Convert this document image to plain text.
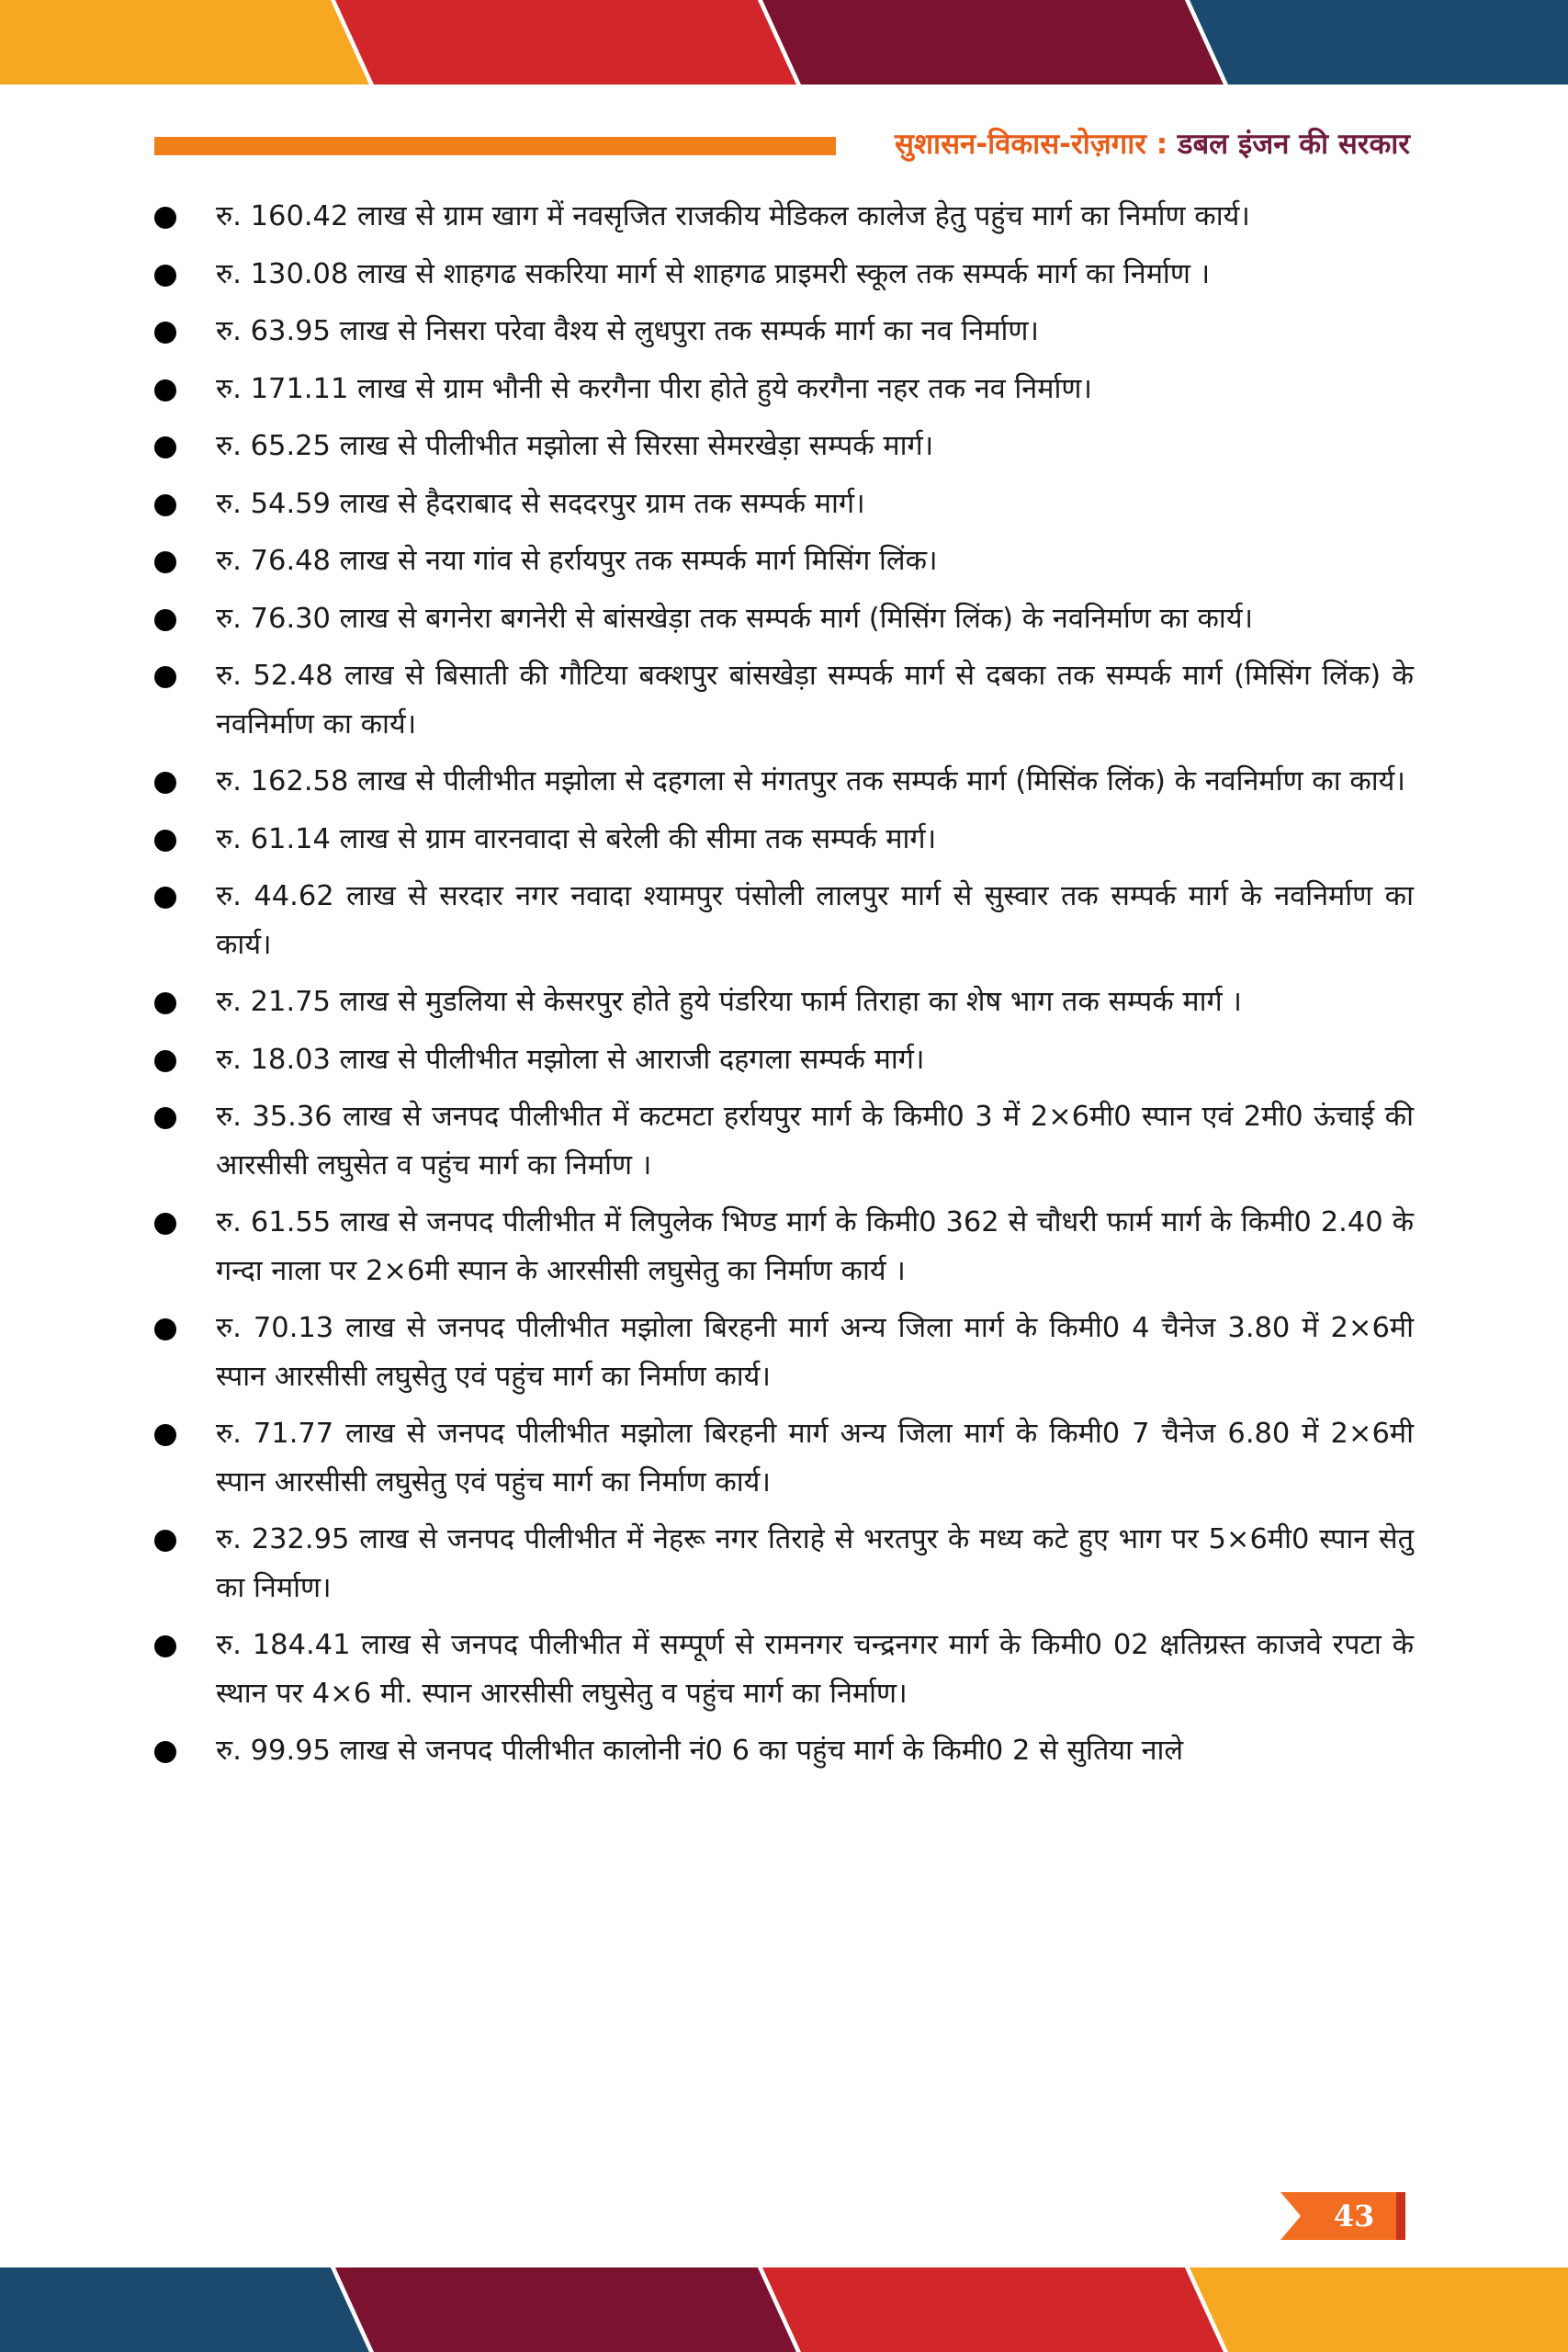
सुशासन-विकास-रोज़गार : डबल इंजन की सरकार
रु. 160.42 लाख से ग्राम खाग में नवसृजित राजकीय मेडिकल कालेज हेतु पहुंच मार्ग का निर्माण कार्य।
रु. 130.08 लाख से शाहगढ सकरिया मार्ग से शाहगढ प्राइमरी स्कूल तक सम्पर्क मार्ग का निर्माण ।
रु. 63.95 लाख से निसरा परेवा वैश्य से लुधपुरा तक सम्पर्क मार्ग का नव निर्माण।
रु. 171.11 लाख से ग्राम भौनी से करगैना पीरा होते हुये करगैना नहर तक नव निर्माण।
रु. 65.25 लाख से पीलीभीत मझोला से सिरसा सेमरखेड़ा सम्पर्क मार्ग।
रु. 54.59 लाख से हैदराबाद से सददरपुर ग्राम तक सम्पर्क मार्ग।
रु. 76.48 लाख से नया गांव से हर्रायपुर तक सम्पर्क मार्ग मिसिंग लिंक।
रु. 76.30 लाख से बगनेरा बगनेरी से बांसखेड़ा तक सम्पर्क मार्ग (मिसिंग लिंक) के नवनिर्माण का कार्य।
रु. 52.48 लाख से बिसाती की गौटिया बक्शपुर बांसखेड़ा सम्पर्क मार्ग से दबका तक सम्पर्क मार्ग (मिसिंग लिंक) के नवनिर्माण का कार्य।
रु. 162.58 लाख से पीलीभीत मझोला से दहगला से मंगतपुर तक सम्पर्क मार्ग (मिसिंक लिंक) के नवनिर्माण का कार्य।
रु. 61.14 लाख से ग्राम वारनवादा से बरेली की सीमा तक सम्पर्क मार्ग।
रु. 44.62 लाख से सरदार नगर नवादा श्यामपुर पंसोली लालपुर मार्ग से सुस्वार तक सम्पर्क मार्ग के नवनिर्माण का कार्य।
रु. 21.75 लाख से मुडलिया से केसरपुर होते हुये पंडरिया फार्म तिराहा का शेष भाग तक सम्पर्क मार्ग ।
रु. 18.03 लाख से पीलीभीत मझोला से आराजी दहगला सम्पर्क मार्ग।
रु. 35.36 लाख से जनपद पीलीभीत में कटमटा हर्रायपुर मार्ग के किमी0 3 में 2×6मी0 स्पान एवं 2मी0 ऊंचाई की आरसीसी लघुसेत व पहुंच मार्ग का निर्माण ।
रु. 61.55 लाख से जनपद पीलीभीत में लिपुलेक भिण्ड मार्ग के किमी0 362 से चौधरी फार्म मार्ग के किमी0 2.40 के गन्दा नाला पर 2×6मी स्पान के आरसीसी लघुसेतु का निर्माण कार्य ।
रु. 70.13 लाख से जनपद पीलीभीत मझोला बिरहनी मार्ग अन्य जिला मार्ग के किमी0 4 चैनेज 3.80 में 2×6मी स्पान आरसीसी लघुसेतु एवं पहुंच मार्ग का निर्माण कार्य।
रु. 71.77 लाख से जनपद पीलीभीत मझोला बिरहनी मार्ग अन्य जिला मार्ग के किमी0 7 चैनेज 6.80 में 2×6मी स्पान आरसीसी लघुसेतु एवं पहुंच मार्ग का निर्माण कार्य।
रु. 232.95 लाख से जनपद पीलीभीत में नेहरू नगर तिराहे से भरतपुर के मध्य कटे हुए भाग पर 5×6मी0 स्पान सेतु का निर्माण।
रु. 184.41 लाख से जनपद पीलीभीत में सम्पूर्ण से रामनगर चन्द्रनगर मार्ग के किमी0 02 क्षतिग्रस्त काजवे रपटा के स्थान पर 4×6 मी. स्पान आरसीसी लघुसेतु व पहुंच मार्ग का निर्माण।
रु. 99.95 लाख से जनपद पीलीभीत कालोनी नं0 6 का पहुंच मार्ग के किमी0 2 से सुतिया नाले
43
